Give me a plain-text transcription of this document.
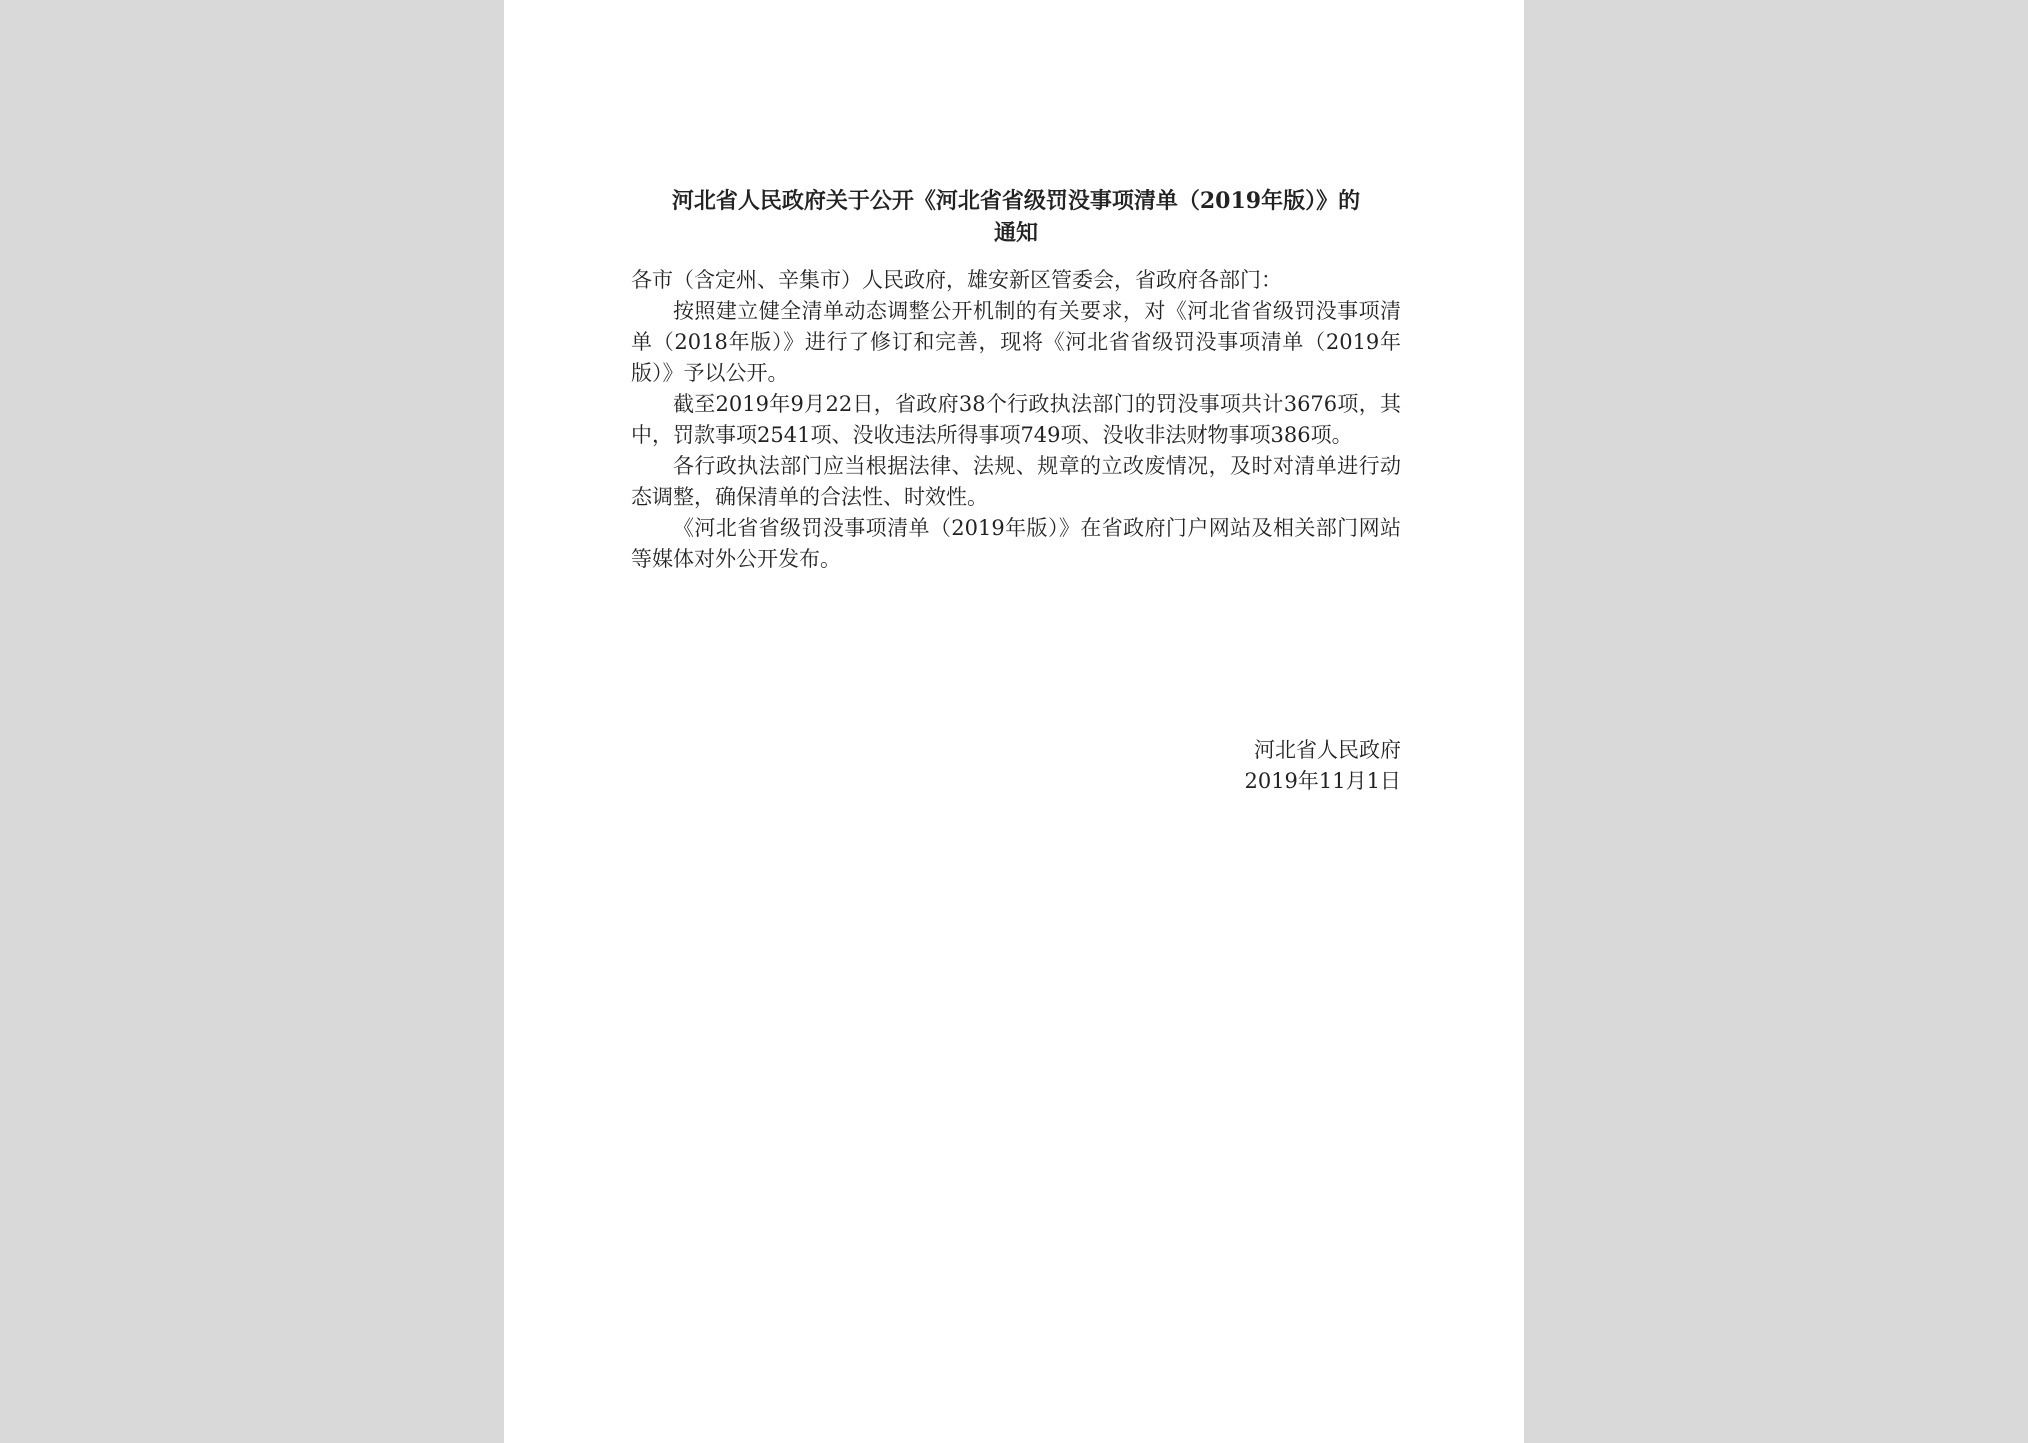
河北省人民政府关于公开《河北省省级罚没事项清单（2019年版）》的
通知

各市（含定州、辛集市）人民政府，雄安新区管委会，省政府各部门：

按照建立健全清单动态调整公开机制的有关要求，对《河北省省级罚没事项清单（2018年版）》进行了修订和完善，现将《河北省省级罚没事项清单（2019年版）》予以公开。

截至2019年9月22日，省政府38个行政执法部门的罚没事项共计3676项，其中，罚款事项2541项、没收违法所得事项749项、没收非法财物事项386项。

各行政执法部门应当根据法律、法规、规章的立改废情况，及时对清单进行动态调整，确保清单的合法性、时效性。

《河北省省级罚没事项清单（2019年版）》在省政府门户网站及相关部门网站等媒体对外公开发布。

河北省人民政府
2019年11月1日
